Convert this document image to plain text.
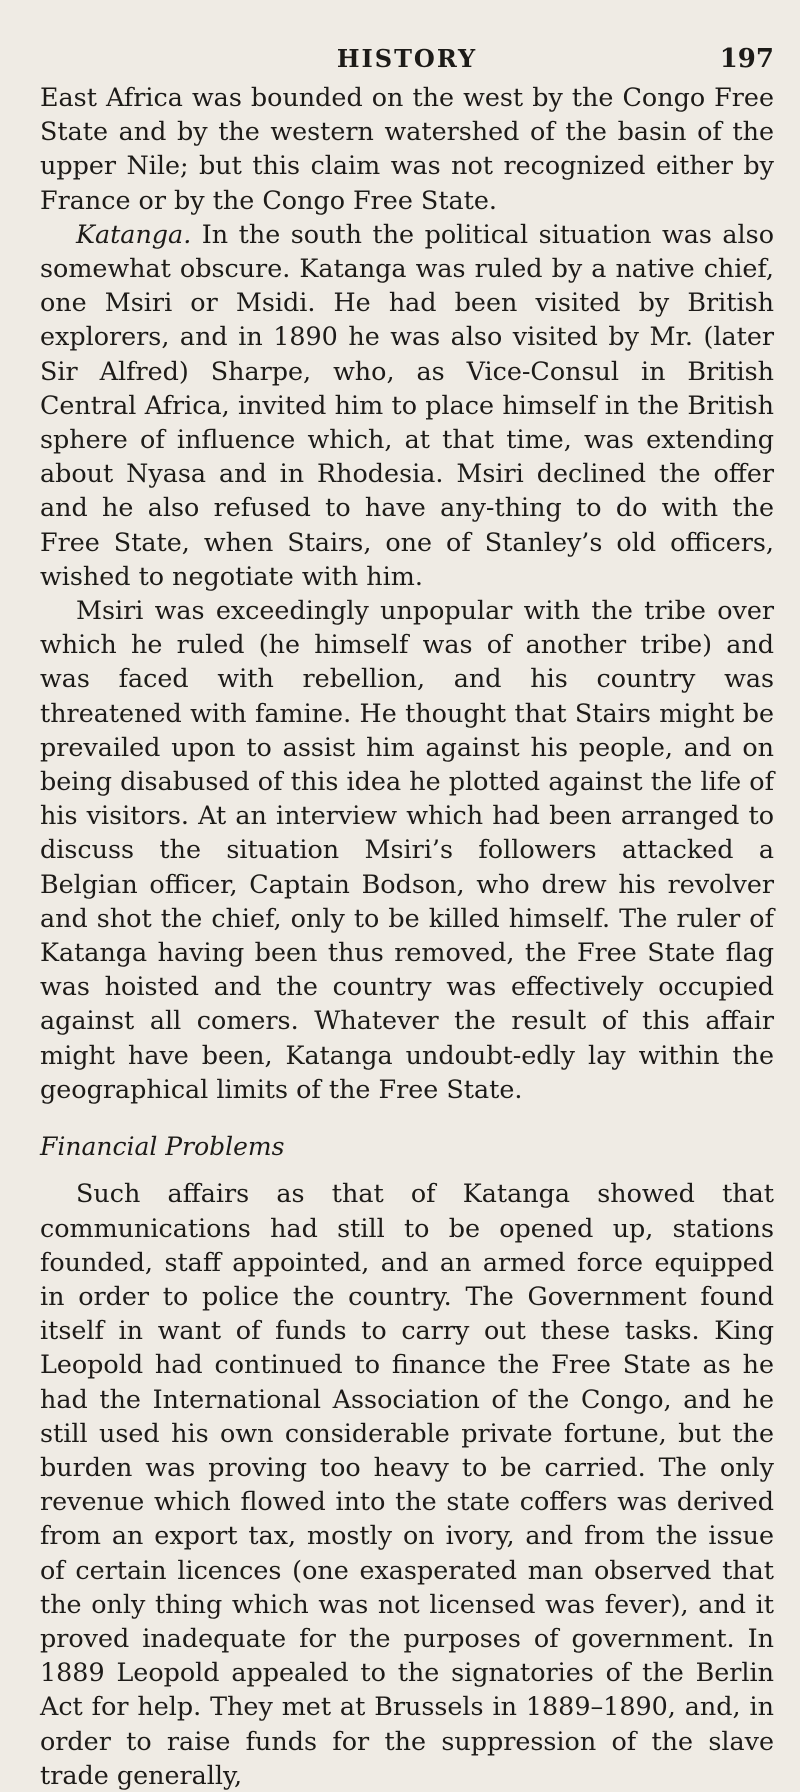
HISTORY	197

East Africa was bounded on the west by the Congo Free State and by the western watershed of the basin of the upper Nile; but this claim was not recognized either by France or by the Congo Free State.

Katanga. In the south the political situation was also somewhat obscure. Katanga was ruled by a native chief, one Msiri or Msidi. He had been visited by British explorers, and in 1890 he was also visited by Mr. (later Sir Alfred) Sharpe, who, as Vice-Consul in British Central Africa, invited him to place himself in the British sphere of influence which, at that time, was extending about Nyasa and in Rhodesia. Msiri declined the offer and he also refused to have any-thing to do with the Free State, when Stairs, one of Stanley’s old officers, wished to negotiate with him.

Msiri was exceedingly unpopular with the tribe over which he ruled (he himself was of another tribe) and was faced with rebellion, and his country was threatened with famine. He thought that Stairs might be prevailed upon to assist him against his people, and on being disabused of this idea he plotted against the life of his visitors. At an interview which had been arranged to discuss the situation Msiri’s followers attacked a Belgian officer, Captain Bodson, who drew his revolver and shot the chief, only to be killed himself. The ruler of Katanga having been thus removed, the Free State flag was hoisted and the country was effectively occupied against all comers. Whatever the result of this affair might have been, Katanga undoubt-edly lay within the geographical limits of the Free State.

Financial Problems

Such affairs as that of Katanga showed that communications had still to be opened up, stations founded, staff appointed, and an armed force equipped in order to police the country. The Government found itself in want of funds to carry out these tasks. King Leopold had continued to finance the Free State as he had the International Association of the Congo, and he still used his own considerable private fortune, but the burden was proving too heavy to be carried. The only revenue which flowed into the state coffers was derived from an export tax, mostly on ivory, and from the issue of certain licences (one exasperated man observed that the only thing which was not licensed was fever), and it proved inadequate for the purposes of government. In 1889 Leopold appealed to the signatories of the Berlin Act for help. They met at Brussels in 1889–1890, and, in order to raise funds for the suppression of the slave trade generally,
